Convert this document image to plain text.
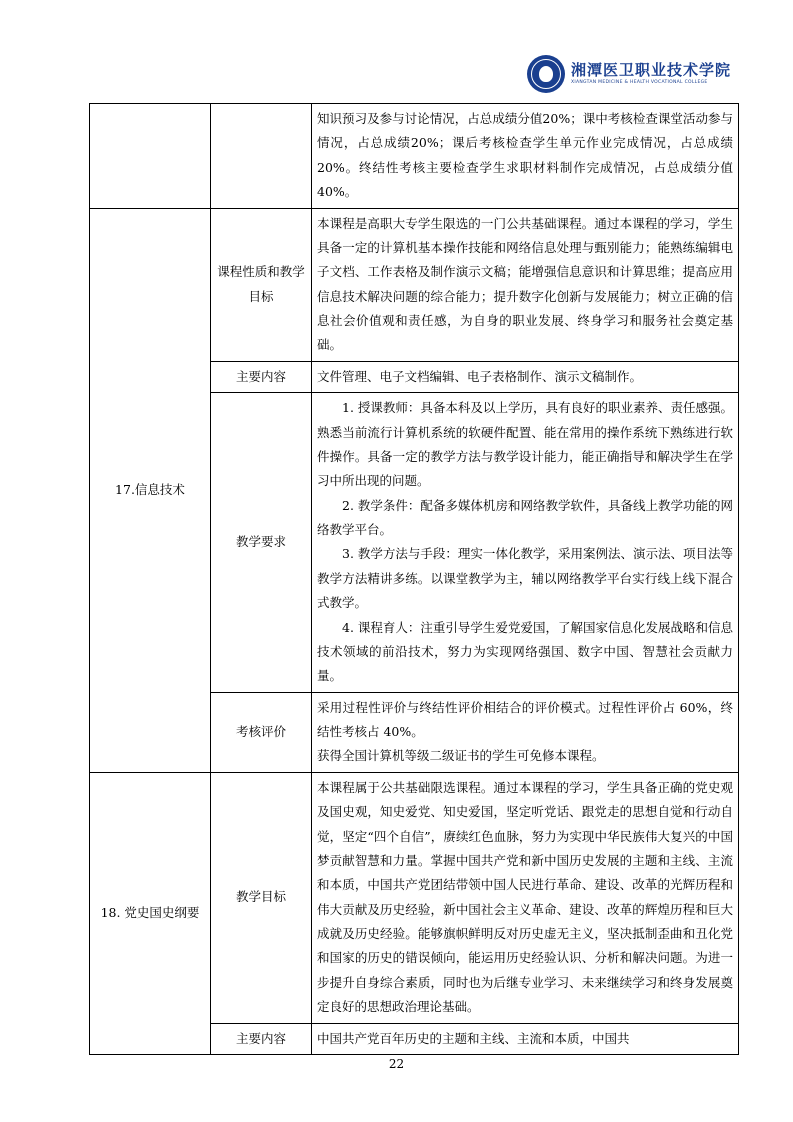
湘潭医卫职业技术学院
XIANGTAN MEDICINE & HEALTH VOCATIONAL COLLEGE
		知识预习及参与讨论情况，占总成绩分值20%；课中考核检查课堂活动参与情况，占总成绩20%；课后考核检查学生单元作业完成情况，占总成绩20%。终结性考核主要检查学生求职材料制作完成情况，占总成绩分值40%。
17.信息技术	课程性质和教学目标	本课程是高职大专学生限选的一门公共基础课程。通过本课程的学习，学生具备一定的计算机基本操作技能和网络信息处理与甄别能力；能熟练编辑电子文档、工作表格及制作演示文稿；能增强信息意识和计算思维；提高应用信息技术解决问题的综合能力；提升数字化创新与发展能力；树立正确的信息社会价值观和责任感，为自身的职业发展、终身学习和服务社会奠定基础。
	主要内容	文件管理、电子文档编辑、电子表格制作、演示文稿制作。
	教学要求	1. 授课教师：具备本科及以上学历，具有良好的职业素养、责任感强。熟悉当前流行计算机系统的软硬件配置、能在常用的操作系统下熟练进行软件操作。具备一定的教学方法与教学设计能力，能正确指导和解决学生在学习中所出现的问题。

2. 教学条件：配备多媒体机房和网络教学软件，具备线上教学功能的网络教学平台。

3. 教学方法与手段：理实一体化教学，采用案例法、演示法、项目法等教学方法精讲多练。以课堂教学为主，辅以网络教学平台实行线上线下混合式教学。

4. 课程育人：注重引导学生爱党爱国，了解国家信息化发展战略和信息技术领域的前沿技术，努力为实现网络强国、数字中国、智慧社会贡献力量。

	考核评价	采用过程性评价与终结性评价相结合的评价模式。过程性评价占 60%，终结性考核占 40%。

获得全国计算机等级二级证书的学生可免修本课程。

18. 党史国史纲要	教学目标	本课程属于公共基础限选课程。通过本课程的学习，学生具备正确的党史观及国史观，知史爱党、知史爱国，坚定听党话、跟党走的思想自觉和行动自觉，坚定“四个自信”，赓续红色血脉，努力为实现中华民族伟大复兴的中国梦贡献智慧和力量。掌握中国共产党和新中国历史发展的主题和主线、主流和本质，中国共产党团结带领中国人民进行革命、建设、改革的光辉历程和伟大贡献及历史经验，新中国社会主义革命、建设、改革的辉煌历程和巨大成就及历史经验。能够旗帜鲜明反对历史虚无主义，坚决抵制歪曲和丑化党和国家的历史的错误倾向，能运用历史经验认识、分析和解决问题。为进一步提升自身综合素质，同时也为后继专业学习、未来继续学习和终身发展奠定良好的思想政治理论基础。
	主要内容	中国共产党百年历史的主题和主线、主流和本质，中国共
22
